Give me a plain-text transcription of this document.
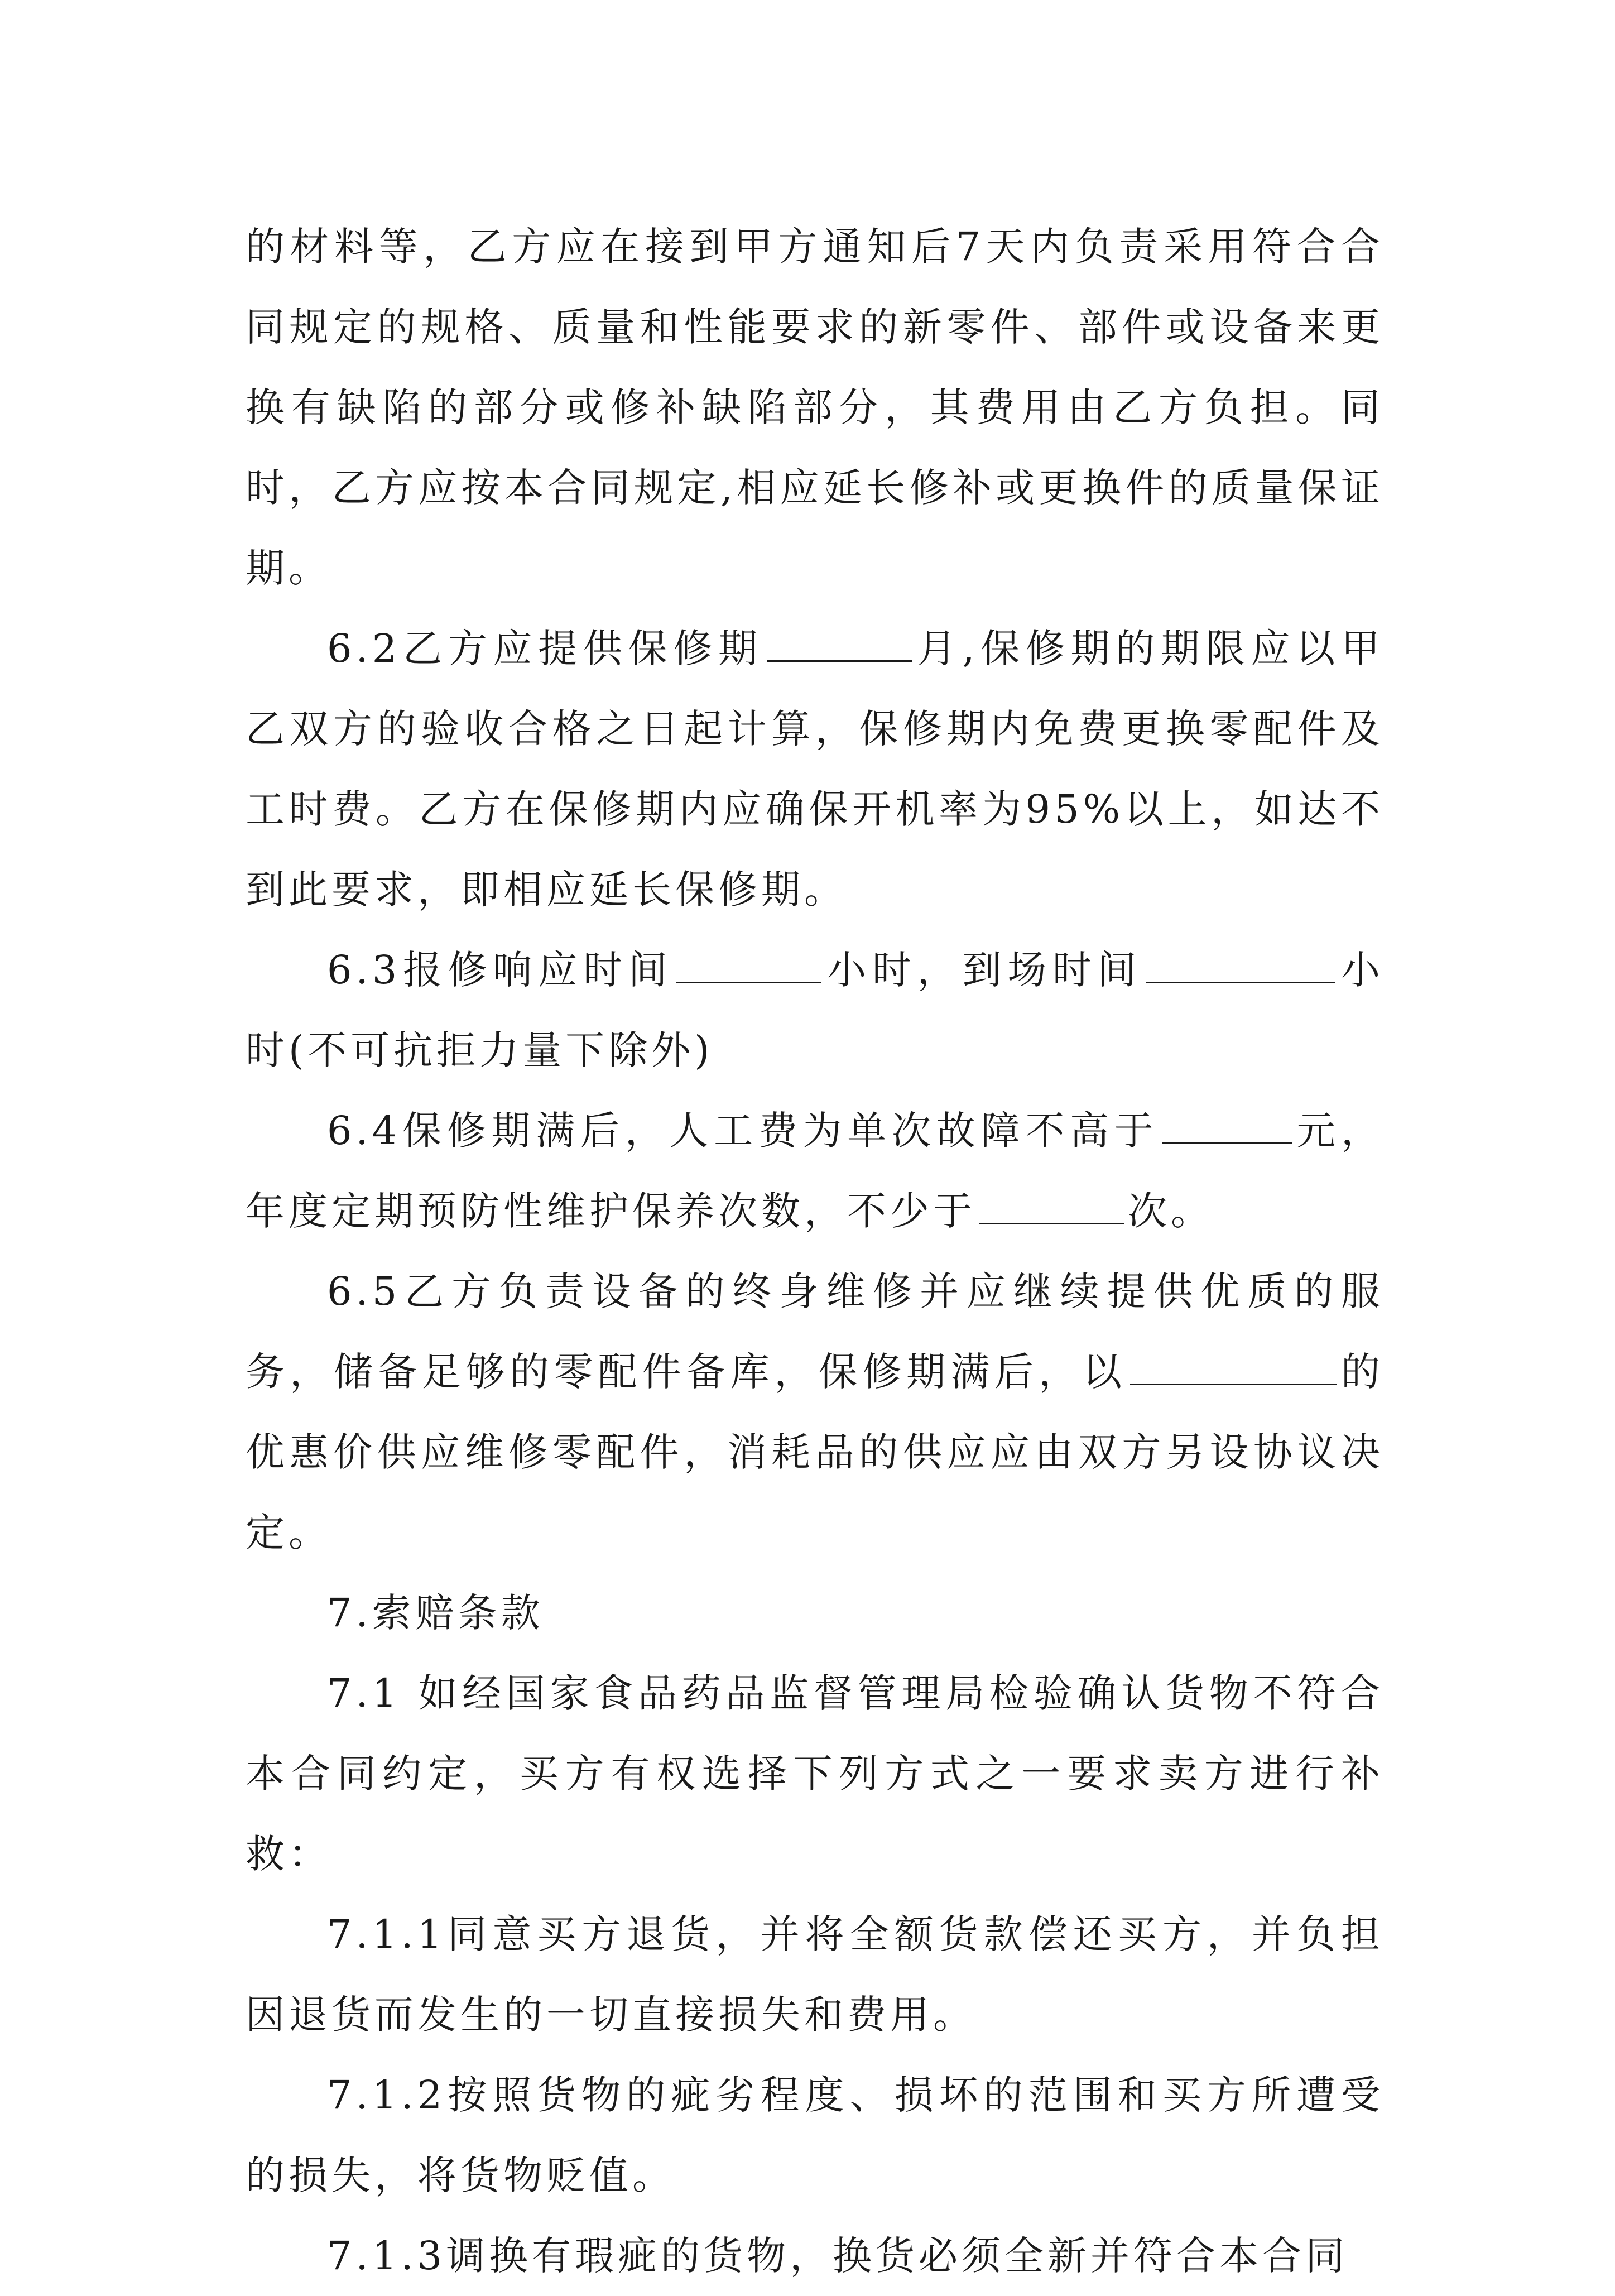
的材料等，乙方应在接到甲方通知后7天内负责采用符合合同规定的规格、质量和性能要求的新零件、部件或设备来更换有缺陷的部分或修补缺陷部分，其费用由乙方负担。同时，乙方应按本合同规定,相应延长修补或更换件的质量保证期。

6.2乙方应提供保修期	月,保修期的期限应以甲乙双方的验收合格之日起计算，保修期内免费更换零配件及工时费。乙方在保修期内应确保开机率为95%以上，如达不到此要求，即相应延长保修期。

6.3报修响应时间	小时，到场时间	小时(不可抗拒力量下除外)

6.4保修期满后，人工费为单次故障不高于	元，年度定期预防性维护保养次数，不少于	次。

6.5乙方负责设备的终身维修并应继续提供优质的服务，储备足够的零配件备库，保修期满后，以	的优惠价供应维修零配件，消耗品的供应应由双方另设协议决定。

7.索赔条款

7.1 如经国家食品药品监督管理局检验确认货物不符合本合同约定，买方有权选择下列方式之一要求卖方进行补救：

7.1.1同意买方退货，并将全额货款偿还买方，并负担因退货而发生的一切直接损失和费用。

7.1.2按照货物的疵劣程度、损坏的范围和买方所遭受的损失，将货物贬值。

7.1.3调换有瑕疵的货物，换货必须全新并符合本合同
